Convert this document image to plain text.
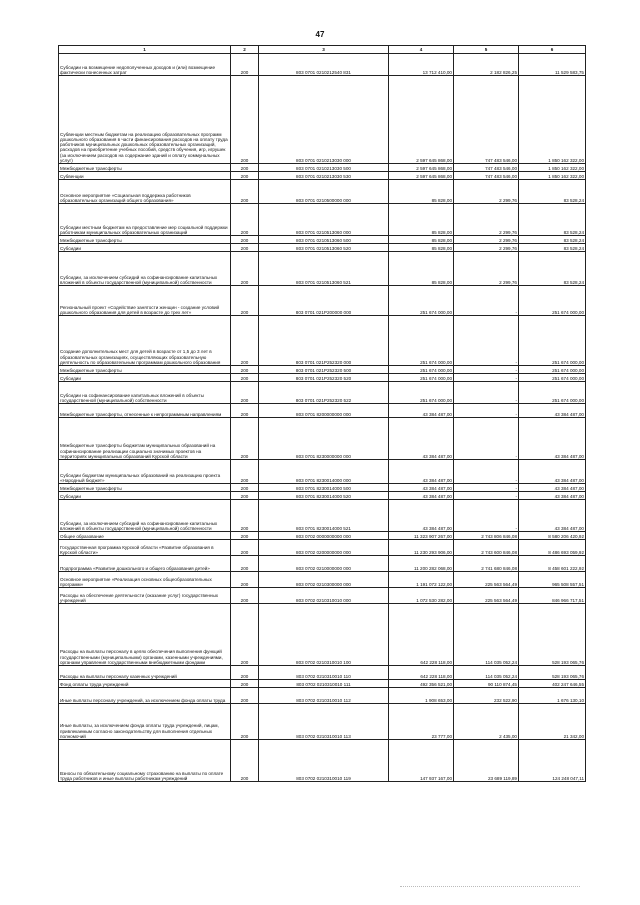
47
1	2	3	4	5	6
Субсидии на возмещение недополученных доходов и (или) возмещение фактически понесенных затрат	200	803 0701 0210212540 831	13 712 410,00	2 182 826,25	11 529 583,75
Субвенции местным бюджетам на реализацию образовательных программ дошкольного образования в части финансирования расходов на оплату труда работников муниципальных дошкольных образовательных организаций, расходов на приобретение учебных пособий, средств обучения, игр, игрушек (за исключением расходов на содержание зданий и оплату коммунальных услуг)	200	803 0701 0210213030 000	2 597 645 868,00	747 483 546,00	1 850 162 322,00
Межбюджетные трансферты	200	803 0701 0210213030 500	2 597 645 868,00	747 483 546,00	1 850 162 322,00
Субвенции	200	803 0701 0210213030 530	2 597 645 868,00	747 483 546,00	1 850 162 322,00
Основное мероприятие «Социальная поддержка работников образовательных организаций общего образования»	200	803 0701 0210500000 000	85 828,00	2 299,76	83 528,24
Субсидии местным бюджетам на предоставление мер социальной поддержки работникам муниципальных образовательных организаций	200	803 0701 0210513060 000	85 828,00	2 299,76	83 528,24
Межбюджетные трансферты	200	803 0701 0210513060 500	85 828,00	2 299,76	83 528,24
Субсидии	200	803 0701 0210513060 520	85 828,00	2 299,76	83 528,24
Субсидии, за исключением субсидий на софинансирование капитальных вложений в объекты государственной (муниципальной) собственности	200	803 0701 0210513060 521	85 828,00	2 299,76	83 528,24
Региональный проект «Содействие занятости женщин - создание условий дошкольного образования для детей в возрасте до трех лет»	200	803 0701 021P200000 000	251 674 000,00	-	251 674 000,00
Создание дополнительных мест для детей в возрасте от 1,5 до 3 лет в образовательных организациях, осуществляющих образовательную деятельность по образовательным программам дошкольного образования	200	803 0701 021P252320 000	251 674 000,00	-	251 674 000,00
Межбюджетные трансферты	200	803 0701 021P252320 500	251 674 000,00	-	251 674 000,00
Субсидии	200	803 0701 021P252320 520	251 674 000,00	-	251 674 000,00
Субсидии на софинансирование капитальных вложений в объекты государственной (муниципальной) собственности	200	803 0701 021P252320 522	251 674 000,00	-	251 674 000,00
Межбюджетные трансферты, отнесенные к непрограммным направлениям	200	803 0701 8200000000 000	43 384 487,00	-	43 384 487,00
Межбюджетные трансферты бюджетам муниципальных образований на софинансирование реализации социально значимых проектов на территориях муниципальных образований Курской области	200	803 0701 8230000000 000	43 384 487,00	-	43 384 487,00
Субсидии бюджетам муниципальных образований на реализацию проекта «Народный бюджет»	200	803 0701 8230014000 000	43 384 487,00	-	43 384 487,00
Межбюджетные трансферты	200	803 0701 8230014000 500	43 384 487,00	-	43 384 487,00
Субсидии	200	803 0701 8230014000 520	43 384 487,00	-	43 384 487,00
Субсидии, за исключением субсидий на софинансирование капитальных вложений в объекты государственной (муниципальной) собственности	200	803 0701 8230014000 521	43 384 487,00	-	43 384 487,00
Общее образование	200	803 0702 0000000000 000	11 323 907 267,00	2 743 806 846,08	8 580 206 420,92
Государственная программа Курской области «Развитие образования в Курской области»	200	803 0702 0200000000 000	11 230 293 906,00	2 743 600 846,08	8 486 693 059,92
Подпрограмма «Развитие дошкольного и общего образования детей»	200	803 0702 0210000000 000	11 200 282 068,00	2 741 680 846,08	8 458 601 222,92
Основное мероприятие «Реализация основных общеобразовательных программ»	200	803 0702 0210300000 000	1 191 072 122,00	225 563 564,49	965 508 557,51
Расходы на обеспечение деятельности (оказание услуг) государственных учреждений	200	803 0702 0210310010 000	1 072 530 282,00	225 563 564,49	846 966 717,51
Расходы на выплаты персоналу в целях обеспечения выполнения функций государственными (муниципальными) органами, казенными учреждениями, органами управления государственными внебюджетными фондами	200	803 0702 0210310010 100	642 228 118,00	114 035 052,24	528 193 065,76
Расходы на выплаты персоналу казенных учреждений	200	803 0702 0210310010 110	642 228 118,00	114 035 052,24	528 193 065,76
Фонд оплаты труда учреждений	200	803 0702 0210310010 111	492 356 521,00	90 110 874,45	402 247 646,55
Иные выплаты персоналу учреждений, за исключением фонда оплаты труда	200	803 0702 0210310010 112	1 908 653,00	232 522,90	1 676 130,10
Иные выплаты, за исключением фонда оплаты труда учреждений, лицам, привлекаемым согласно законодательству для выполнения отдельных полномочий	200	803 0702 0210310010 113	23 777,00	2 435,00	21 342,00
Взносы по обязательному социальному страхованию на выплаты по оплате труда работников и иные выплаты работникам учреждений	200	803 0702 0210310010 119	147 937 167,00	23 689 119,89	124 248 047,11
